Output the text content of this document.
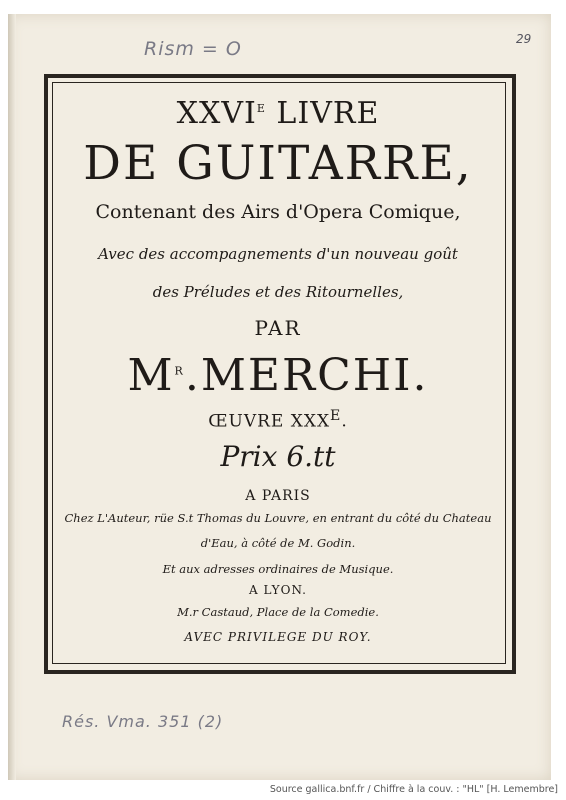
Rism = O	29
Rés. Vma. 351 (2)
$XXVI^E$ LIVRE
DE GUITARRE,
Contenant des Airs d'Opera Comique,
Avec des accompagnements d'un nouveau goût
des Préludes et des Ritournelles,
PAR
$M^R.MERCHI$.
ŒUVRE $XXX^E$.
Prix 6.tt
A PARIS
Chez L'Auteur, rüe S.t Thomas du Louvre, en entrant du côté du Chateau
d'Eau, à côté de M. Godin.
Et aux adresses ordinaires de Musique.
A LYON.
M.r Castaud, Place de la Comedie.
AVEC PRIVILEGE DU ROY.
Source gallica.bnf.fr / Chiffre à la couv. : "HL" [H. Lemembre]
